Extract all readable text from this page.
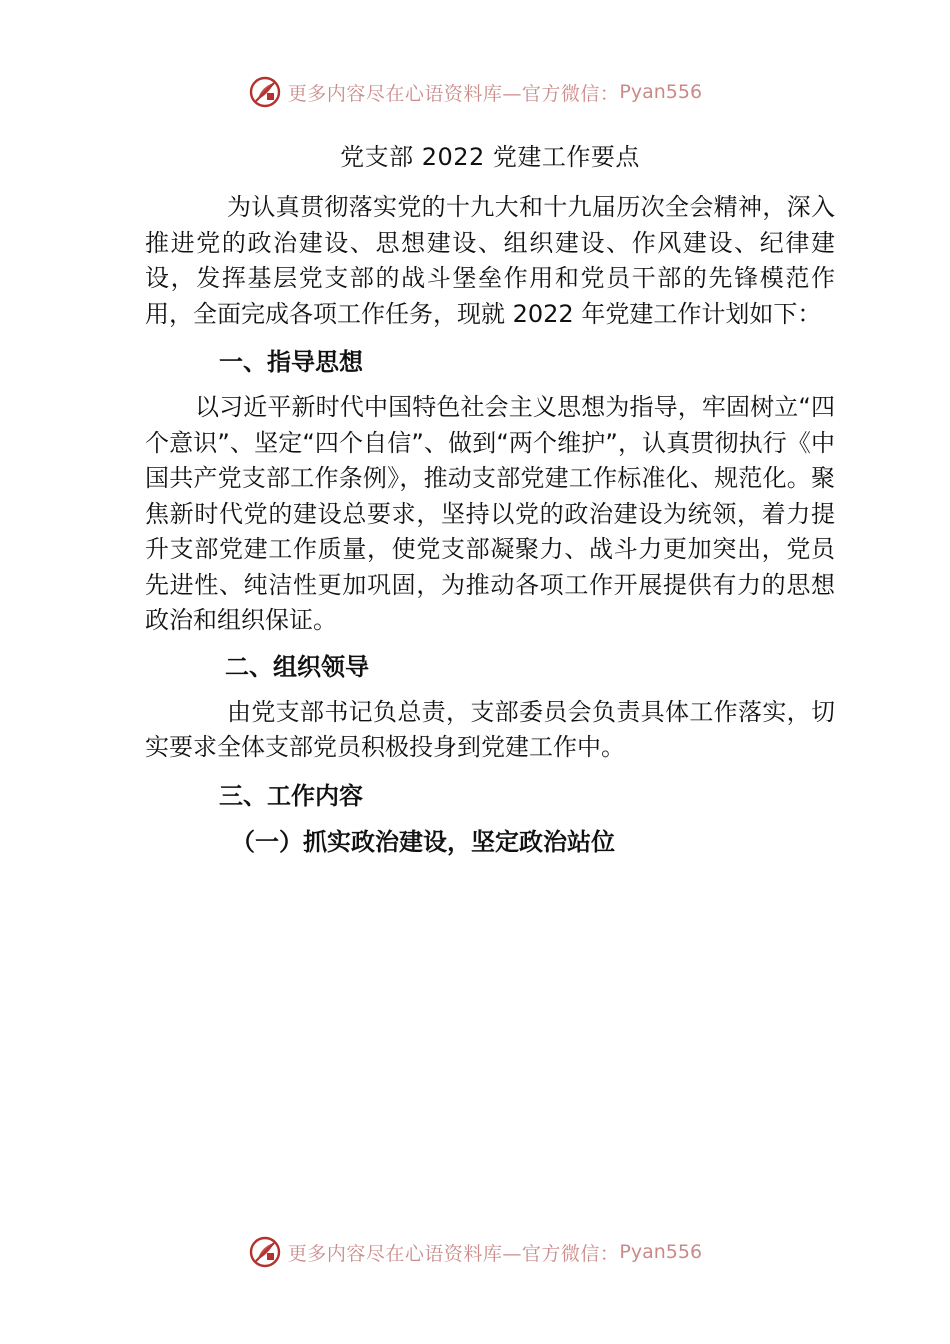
更多内容尽在心语资料库—官方微信： Pyan556

党支部 2022 党建工作要点

为认真贯彻落实党的十九大和十九届历次全会精神，深入推进党的政治建设、思想建设、组织建设、作风建设、纪律建设，发挥基层党支部的战斗堡垒作用和党员干部的先锋模范作用，全面完成各项工作任务，现就 2022 年党建工作计划如下：

一、指导思想

以习近平新时代中国特色社会主义思想为指导，牢固树立“四个意识”、坚定“四个自信”、做到“两个维护”，认真贯彻执行《中国共产党支部工作条例》，推动支部党建工作标准化、规范化。聚焦新时代党的建设总要求，坚持以党的政治建设为统领，着力提升支部党建工作质量，使党支部凝聚力、战斗力更加突出，党员先进性、纯洁性更加巩固，为推动各项工作开展提供有力的思想政治和组织保证。

二、组织领导

由党支部书记负总责，支部委员会负责具体工作落实，切实要求全体支部党员积极投身到党建工作中。

三、工作内容

（一）抓实政治建设，坚定政治站位

更多内容尽在心语资料库—官方微信： Pyan556
